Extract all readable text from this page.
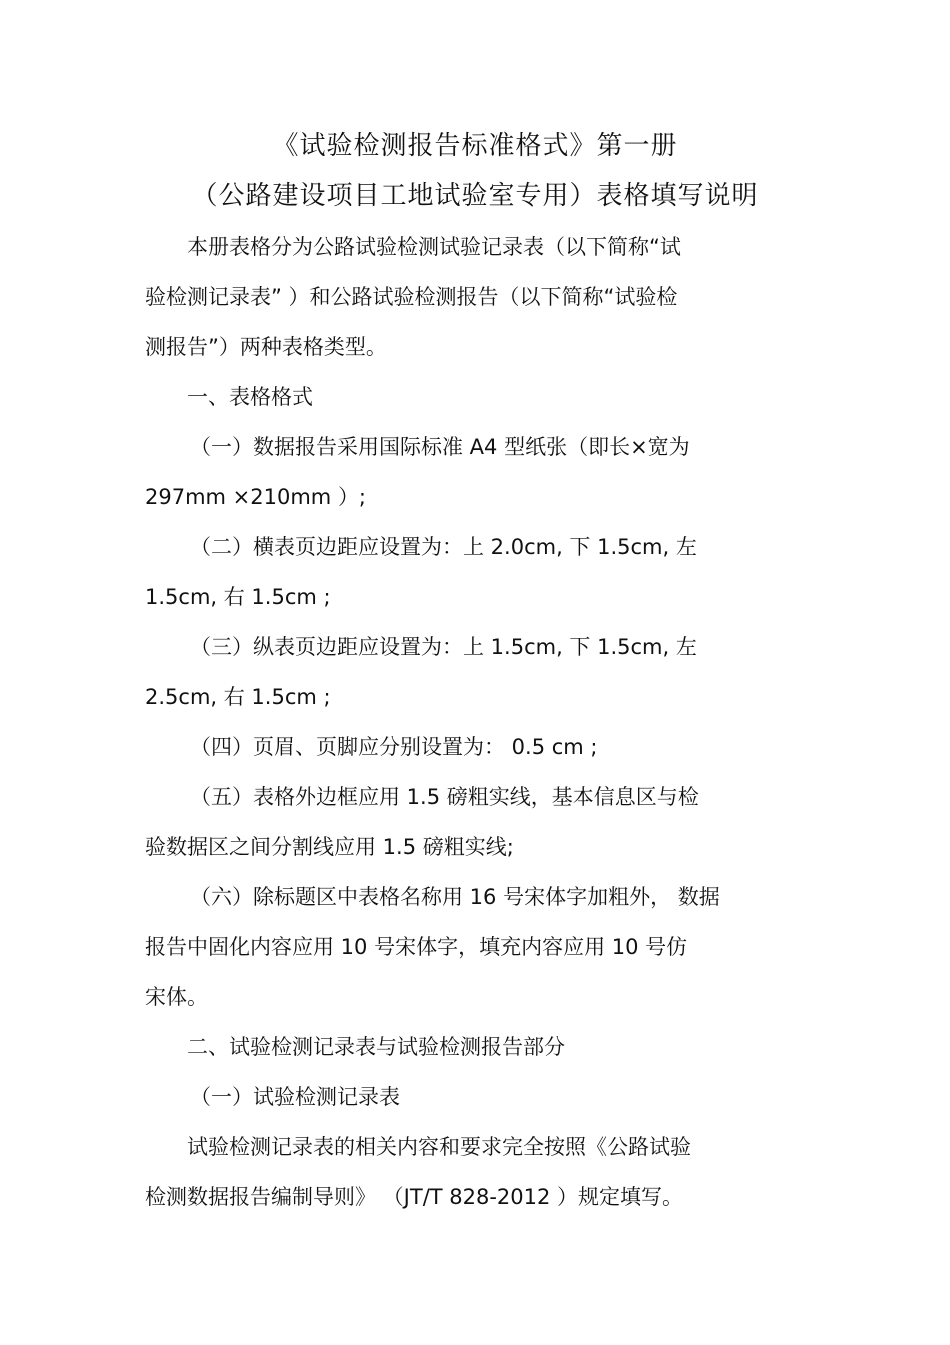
《试验检测报告标准格式》第一册
（公路建设项目工地试验室专用）表格填写说明
本册表格分为公路试验检测试验记录表（以下简称“试
验检测记录表” ）和公路试验检测报告（以下简称“试验检
测报告”）两种表格类型。
一、表格格式
（一）数据报告采用国际标准 A4 型纸张（即长×宽为
297mm ×210mm ）;
（二）横表页边距应设置为：上 2.0cm, 下 1.5cm, 左
1.5cm, 右 1.5cm ;
（三）纵表页边距应设置为：上 1.5cm, 下 1.5cm, 左
2.5cm, 右 1.5cm ;
（四）页眉、页脚应分别设置为： 0.5 cm ;
（五）表格外边框应用 1.5 磅粗实线，基本信息区与检
验数据区之间分割线应用 1.5 磅粗实线;
（六）除标题区中表格名称用 16 号宋体字加粗外， 数据
报告中固化内容应用 10 号宋体字，填充内容应用 10 号仿
宋体。
二、试验检测记录表与试验检测报告部分
（一）试验检测记录表
试验检测记录表的相关内容和要求完全按照《公路试验
检测数据报告编制导则》 （JT/T 828-2012 ）规定填写。
